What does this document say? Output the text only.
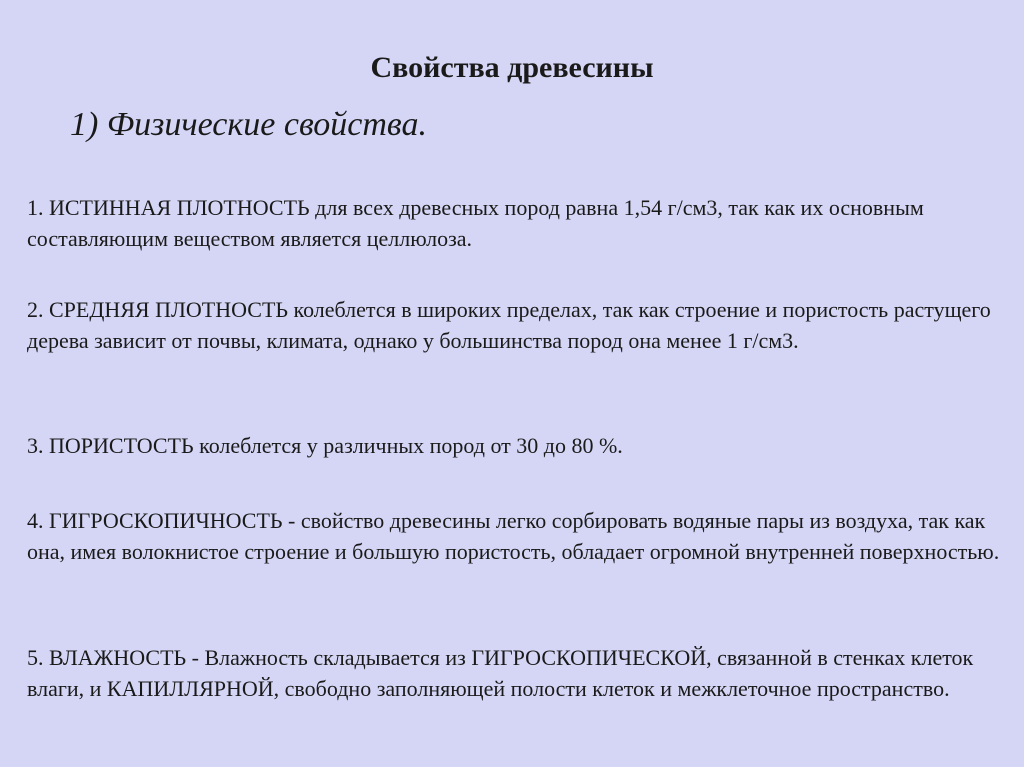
Свойства древесины
1) Физические свойства.
1. ИСТИННАЯ ПЛОТНОСТЬ для всех древесных пород равна 1,54 г/см3, так как их основным составляющим веществом является целлюлоза.
2. СРЕДНЯЯ ПЛОТНОСТЬ колеблется в широких пределах, так как строение и пористость растущего дерева зависит от почвы, климата, однако у большинства пород она менее 1 г/см3.
3. ПОРИСТОСТЬ колеблется у различных пород от 30 до 80 %.
4. ГИГРОСКОПИЧНОСТЬ - свойство древесины легко сорбировать водяные пары из воздуха, так как она, имея волокнистое строение и большую пористость, обладает огромной внутренней поверхностью.
5. ВЛАЖНОСТЬ - Влажность складывается из ГИГРОСКОПИЧЕСКОЙ, связанной в стенках клеток влаги, и КАПИЛЛЯРНОЙ, свободно заполняющей полости клеток и межклеточное пространство.
